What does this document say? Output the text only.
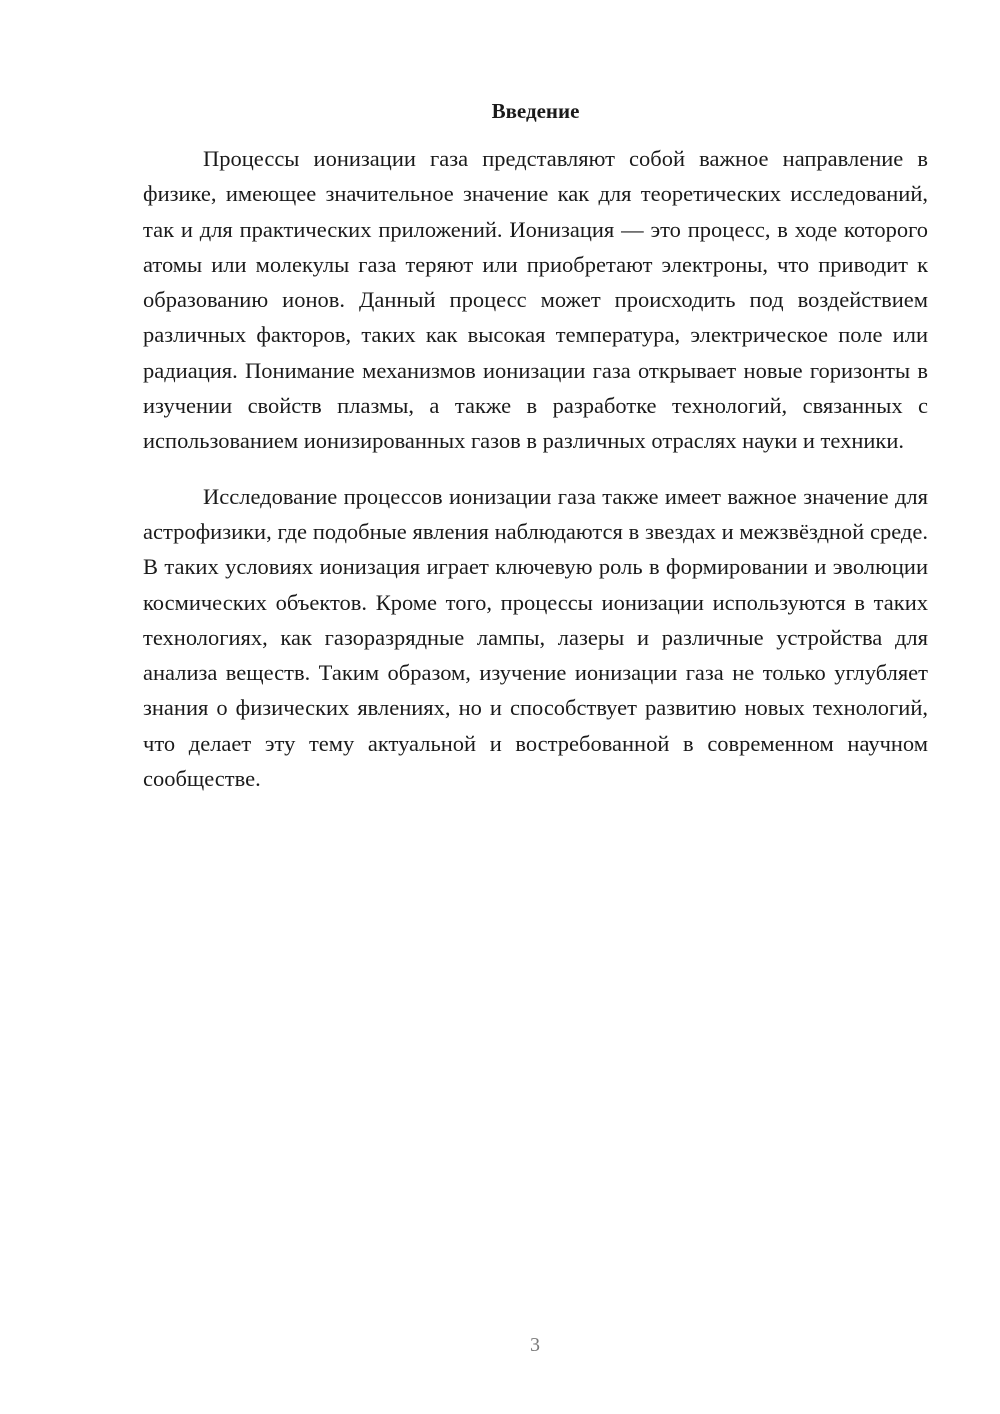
Введение

Процессы ионизации газа представляют собой важное направление в физике, имеющее значительное значение как для теоретических исследований, так и для практических приложений. Ионизация — это процесс, в ходе которого атомы или молекулы газа теряют или приобретают электроны, что приводит к образованию ионов. Данный процесс может происходить под воздействием различных факторов, таких как высокая температура, электрическое поле или радиация. Понимание механизмов ионизации газа открывает новые горизонты в изучении свойств плазмы, а также в разработке технологий, связанных с использованием ионизированных газов в различных отраслях науки и техники.

Исследование процессов ионизации газа также имеет важное значение для астрофизики, где подобные явления наблюдаются в звездах и межзвёздной среде. В таких условиях ионизация играет ключевую роль в формировании и эволюции космических объектов. Кроме того, процессы ионизации используются в таких технологиях, как газоразрядные лампы, лазеры и различные устройства для анализа веществ. Таким образом, изучение ионизации газа не только углубляет знания о физических явлениях, но и способствует развитию новых технологий, что делает эту тему актуальной и востребованной в современном научном сообществе.

3
